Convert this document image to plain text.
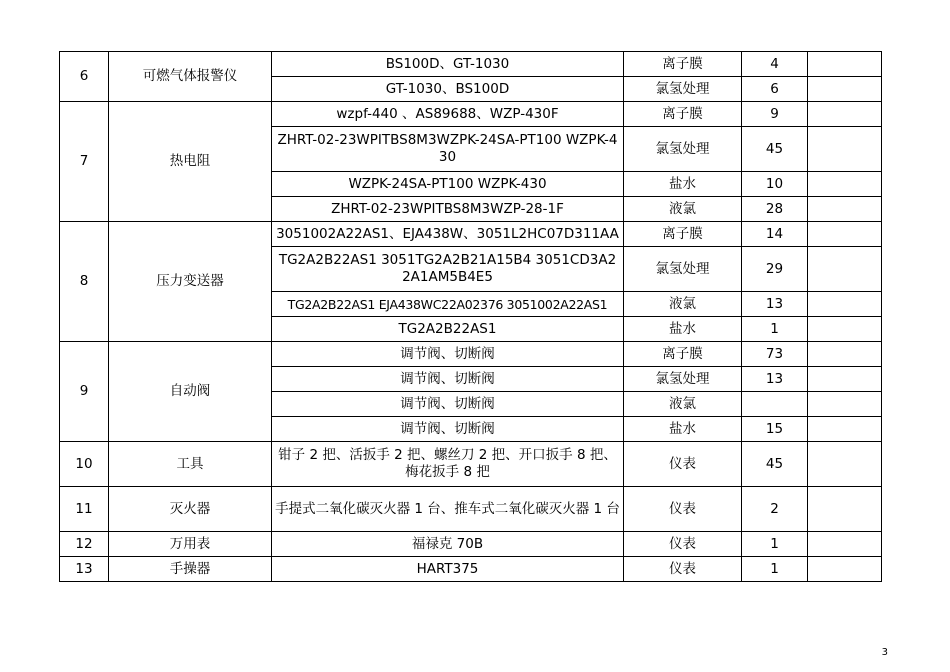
6	可燃气体报警仪	BS100D、GT-1030	离子膜	4	
		GT-1030、BS100D	氯氢处理	6	
7	热电阻	wzpf-440 、AS89688、WZP-430F	离子膜	9	
		ZHRT-02-23WPITBS8M3WZPK-24SA-PT100 WZPK-430	氯氢处理	45	
		WZPK-24SA-PT100 WZPK-430	盐水	10	
		ZHRT-02-23WPITBS8M3WZP-28-1F	液氯	28	
8	压力变送器	3051002A22AS1、EJA438W、3051L2HC07D311AA	离子膜	14	
		TG2A2B22AS1 3051TG2A2B21A15B4 3051CD3A22A1AM5B4E5	氯氢处理	29	
		TG2A2B22AS1 EJA438WC22A02376 3051002A22AS1	液氯	13	
		TG2A2B22AS1	盐水	1	
9	自动阀	调节阀、切断阀	离子膜	73	
		调节阀、切断阀	氯氢处理	13	
		调节阀、切断阀	液氯		
		调节阀、切断阀	盐水	15	
10	工具	钳子 2 把、活扳手 2 把、螺丝刀 2 把、开口扳手 8 把、梅花扳手 8 把	仪表	45	
11	灭火器	手提式二氧化碳灭火器 1 台、推车式二氧化碳灭火器 1 台	仪表	2	
12	万用表	福禄克 70B	仪表	1	
13	手操器	HART375	仪表	1	
3
